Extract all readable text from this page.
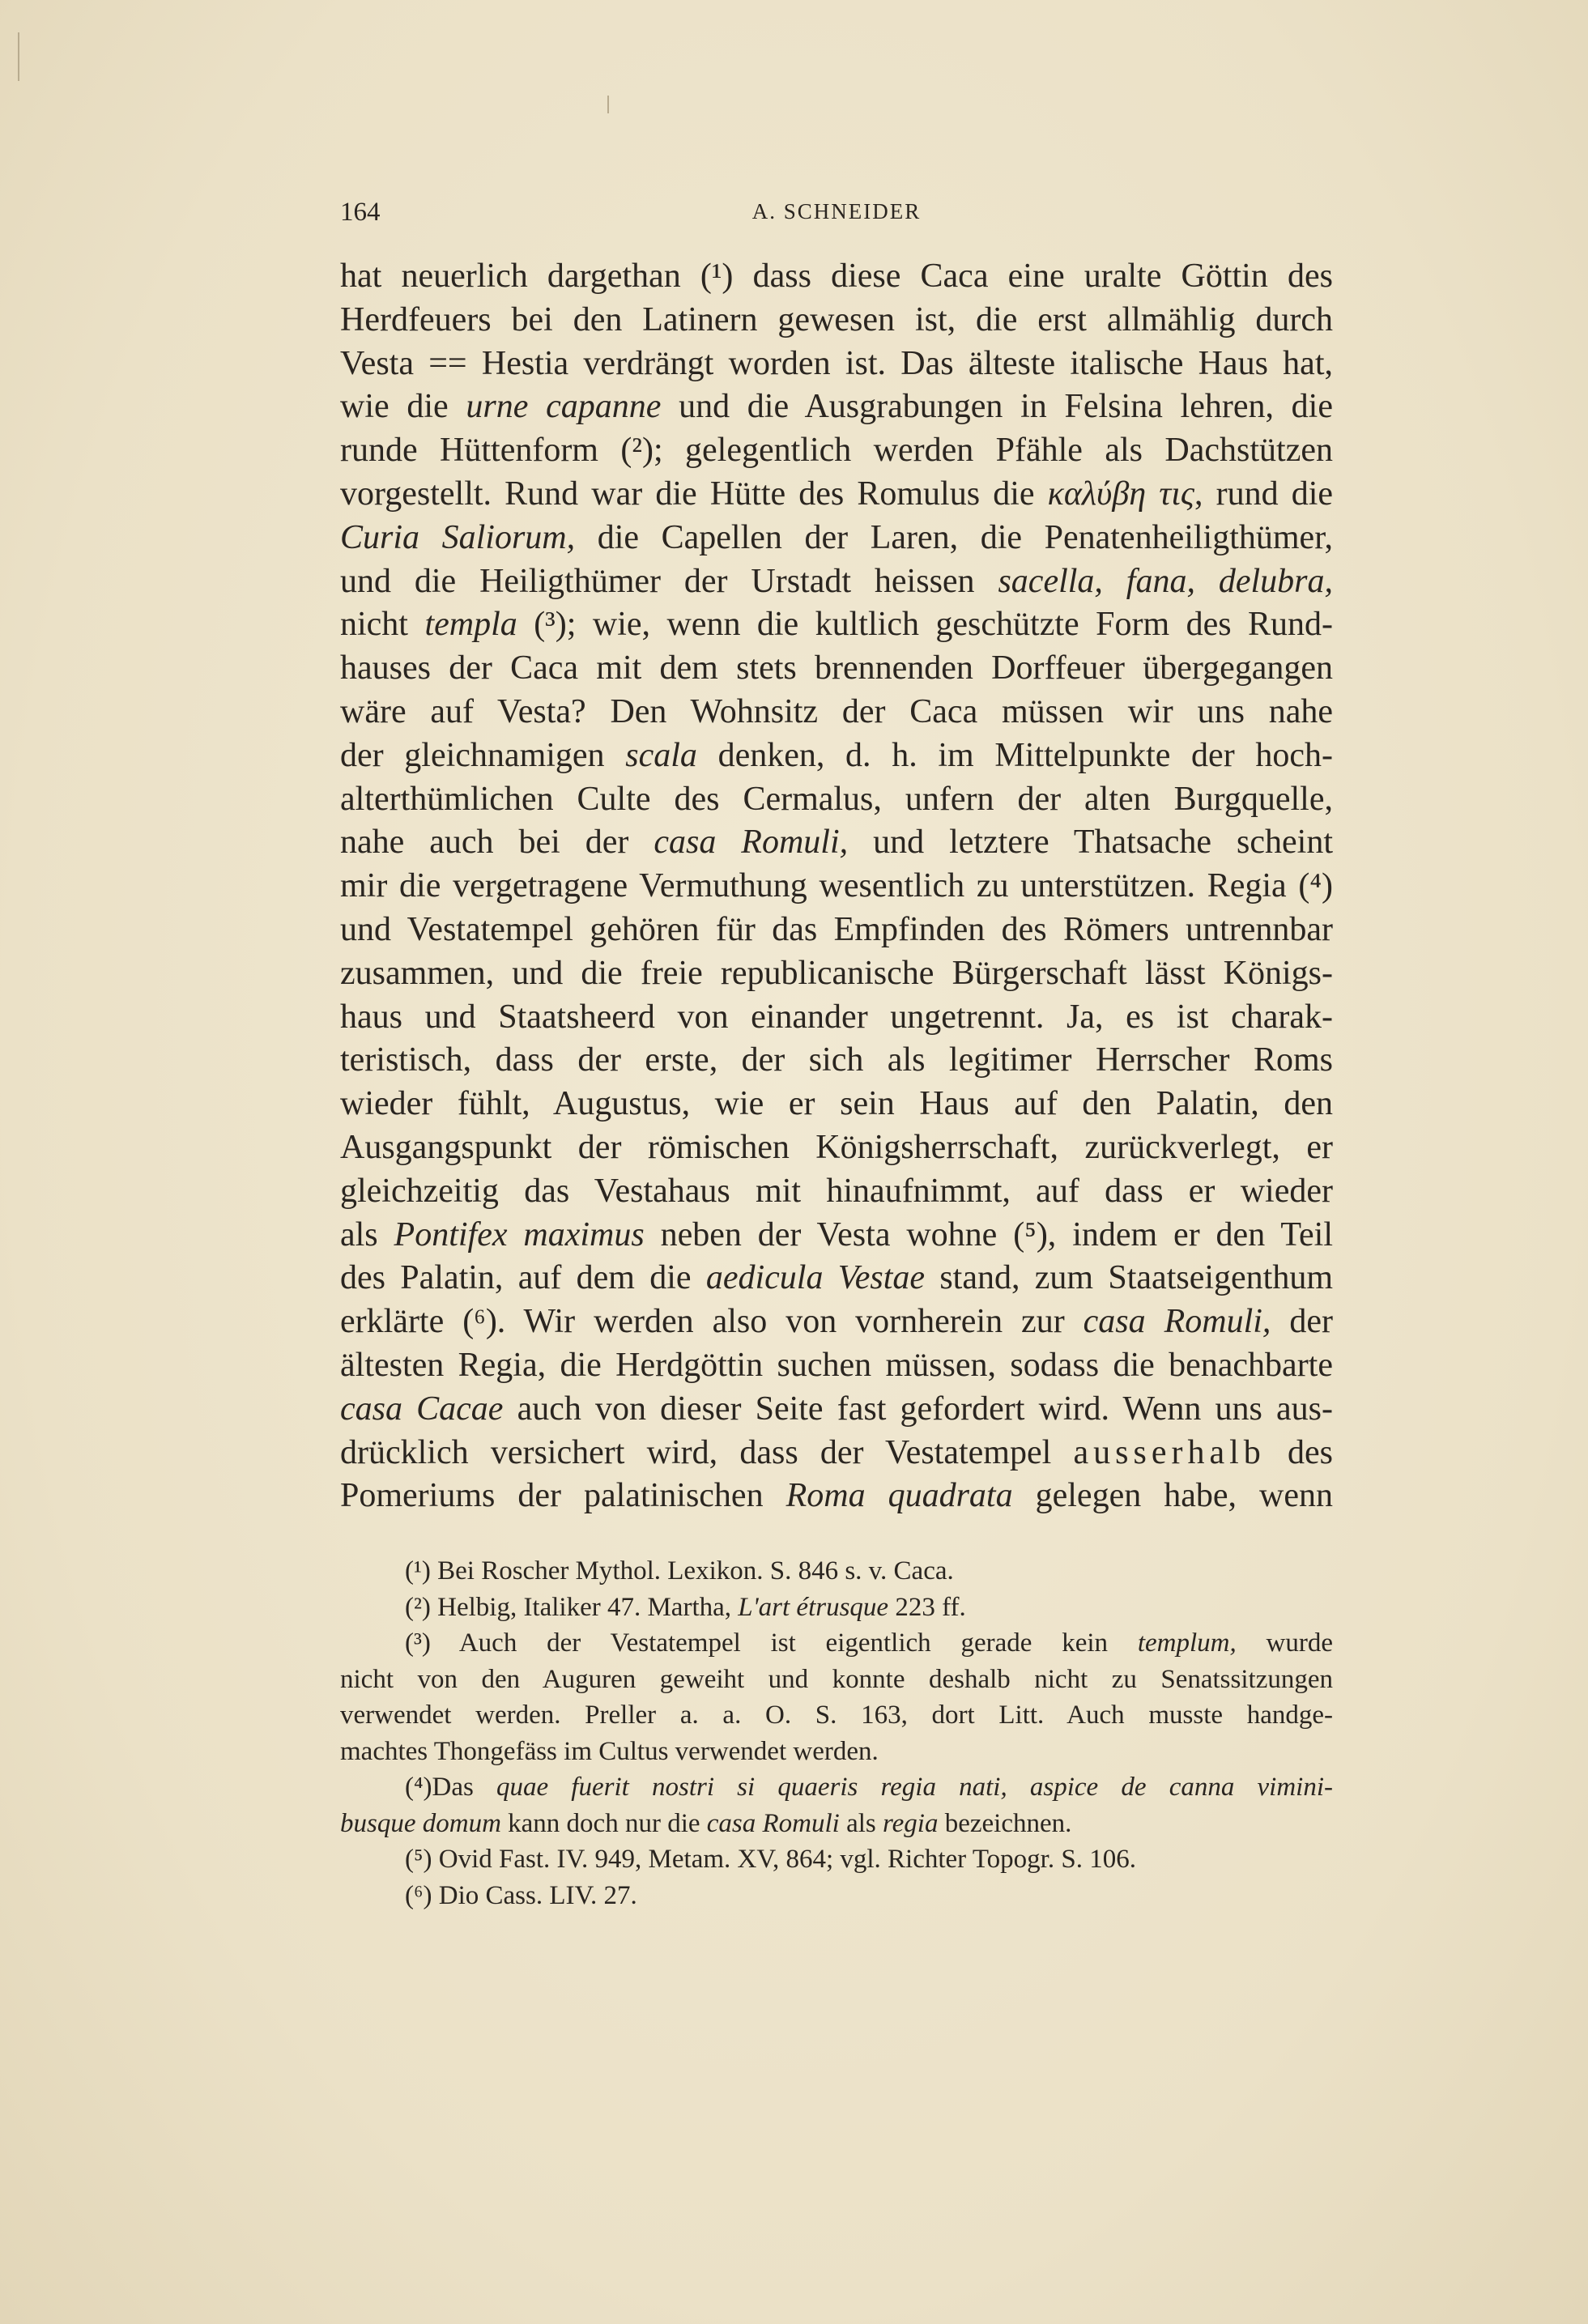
164	A. SCHNEIDER

hat neuerlich dargethan (¹) dass diese Caca eine uralte Göttin des

Herdfeuers bei den Latinern gewesen ist, die erst allmählig durch

Vesta == Hestia verdrängt worden ist. Das älteste italische Haus hat,

wie die urne capanne und die Ausgrabungen in Felsina lehren, die

runde Hüttenform (²); gelegentlich werden Pfähle als Dachstützen

vorgestellt. Rund war die Hütte des Romulus die καλύβη τις, rund die

Curia Saliorum, die Capellen der Laren, die Penatenheiligthümer,

und die Heiligthümer der Urstadt heissen sacella, fana, delubra,

nicht templa (³); wie, wenn die kultlich geschützte Form des Rund-

hauses der Caca mit dem stets brennenden Dorffeuer übergegangen

wäre auf Vesta? Den Wohnsitz der Caca müssen wir uns nahe

der gleichnamigen scala denken, d. h. im Mittelpunkte der hoch-

alterthümlichen Culte des Cermalus, unfern der alten Burgquelle,

nahe auch bei der casa Romuli, und letztere Thatsache scheint

mir die vergetragene Vermuthung wesentlich zu unterstützen. Regia (⁴)

und Vestatempel gehören für das Empfinden des Römers untrennbar

zusammen, und die freie republicanische Bürgerschaft lässt Königs-

haus und Staatsheerd von einander ungetrennt. Ja, es ist charak-

teristisch, dass der erste, der sich als legitimer Herrscher Roms

wieder fühlt, Augustus, wie er sein Haus auf den Palatin, den

Ausgangspunkt der römischen Königsherrschaft, zurückverlegt, er

gleichzeitig das Vestahaus mit hinaufnimmt, auf dass er wieder

als Pontifex maximus neben der Vesta wohne (⁵), indem er den Teil

des Palatin, auf dem die aedicula Vestae stand, zum Staatseigenthum

erklärte (⁶). Wir werden also von vornherein zur casa Romuli, der

ältesten Regia, die Herdgöttin suchen müssen, sodass die benachbarte

casa Cacae auch von dieser Seite fast gefordert wird. Wenn uns aus-

drücklich versichert wird, dass der Vestatempel ausserhalb des

Pomeriums der palatinischen Roma quadrata gelegen habe, wenn

(¹) Bei Roscher Mythol. Lexikon. S. 846 s. v. Caca.

(²) Helbig, Italiker 47. Martha, L'art étrusque 223 ff.

(³) Auch der Vestatempel ist eigentlich gerade kein templum, wurde

nicht von den Auguren geweiht und konnte deshalb nicht zu Senatssitzungen

verwendet werden. Preller a. a. O. S. 163, dort Litt. Auch musste handge-

machtes Thongefäss im Cultus verwendet werden.

(⁴)Das quae fuerit nostri si quaeris regia nati, aspice de canna vimini-

busque domum kann doch nur die casa Romuli als regia bezeichnen.

(⁵) Ovid Fast. IV. 949, Metam. XV, 864; vgl. Richter Topogr. S. 106.

(⁶) Dio Cass. LIV. 27.
